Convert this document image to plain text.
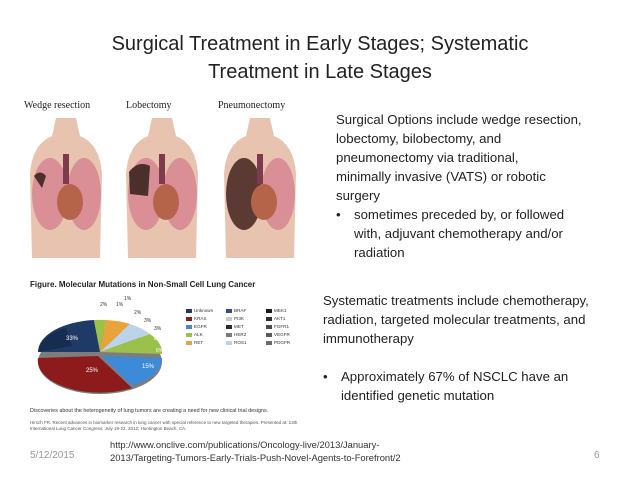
Surgical Treatment in Early Stages; Systematic
Treatment in Late Stages
Wedge resection	Lobectomy	Pneumonectomy
Surgical Options include wedge resection,
lobectomy, bilobectomy, and
pneumonectomy via traditional,
minimally invasive (VATS) or robotic
surgery
•	sometimes preceded by, or followed
with, adjuvant chemotherapy and/or
radiation
Figure. Molecular Mutations in Non-Small Cell Lung Cancer
33%
25%
15%
8%
6%
3%
2%
1%
2%
3%
1%
Unknown
KRAS
EGFR
ALK
RET
BRAF
PI3K
MET
HER2
ROS1
MEK1
AKT1
FGFR1
VEGFR
PDGFR
Discoveries about the heterogeneity of lung tumors are creating a need for new clinical trial designs.
Hirsch FR. Recent advances in biomarker research in lung cancer with special reference to new targeted therapies. Presented at: 13th International Lung Cancer Congress; July 19-22, 2012; Huntington Beach, CA.
Systematic treatments include chemotherapy,
radiation, targeted molecular treatments, and
immunotherapy
•	Approximately 67% of NSCLC have an
identified genetic mutation
5/12/2015
http://www.onclive.com/publications/Oncology-live/2013/January-
2013/Targeting-Tumors-Early-Trials-Push-Novel-Agents-to-Forefront/2	6
